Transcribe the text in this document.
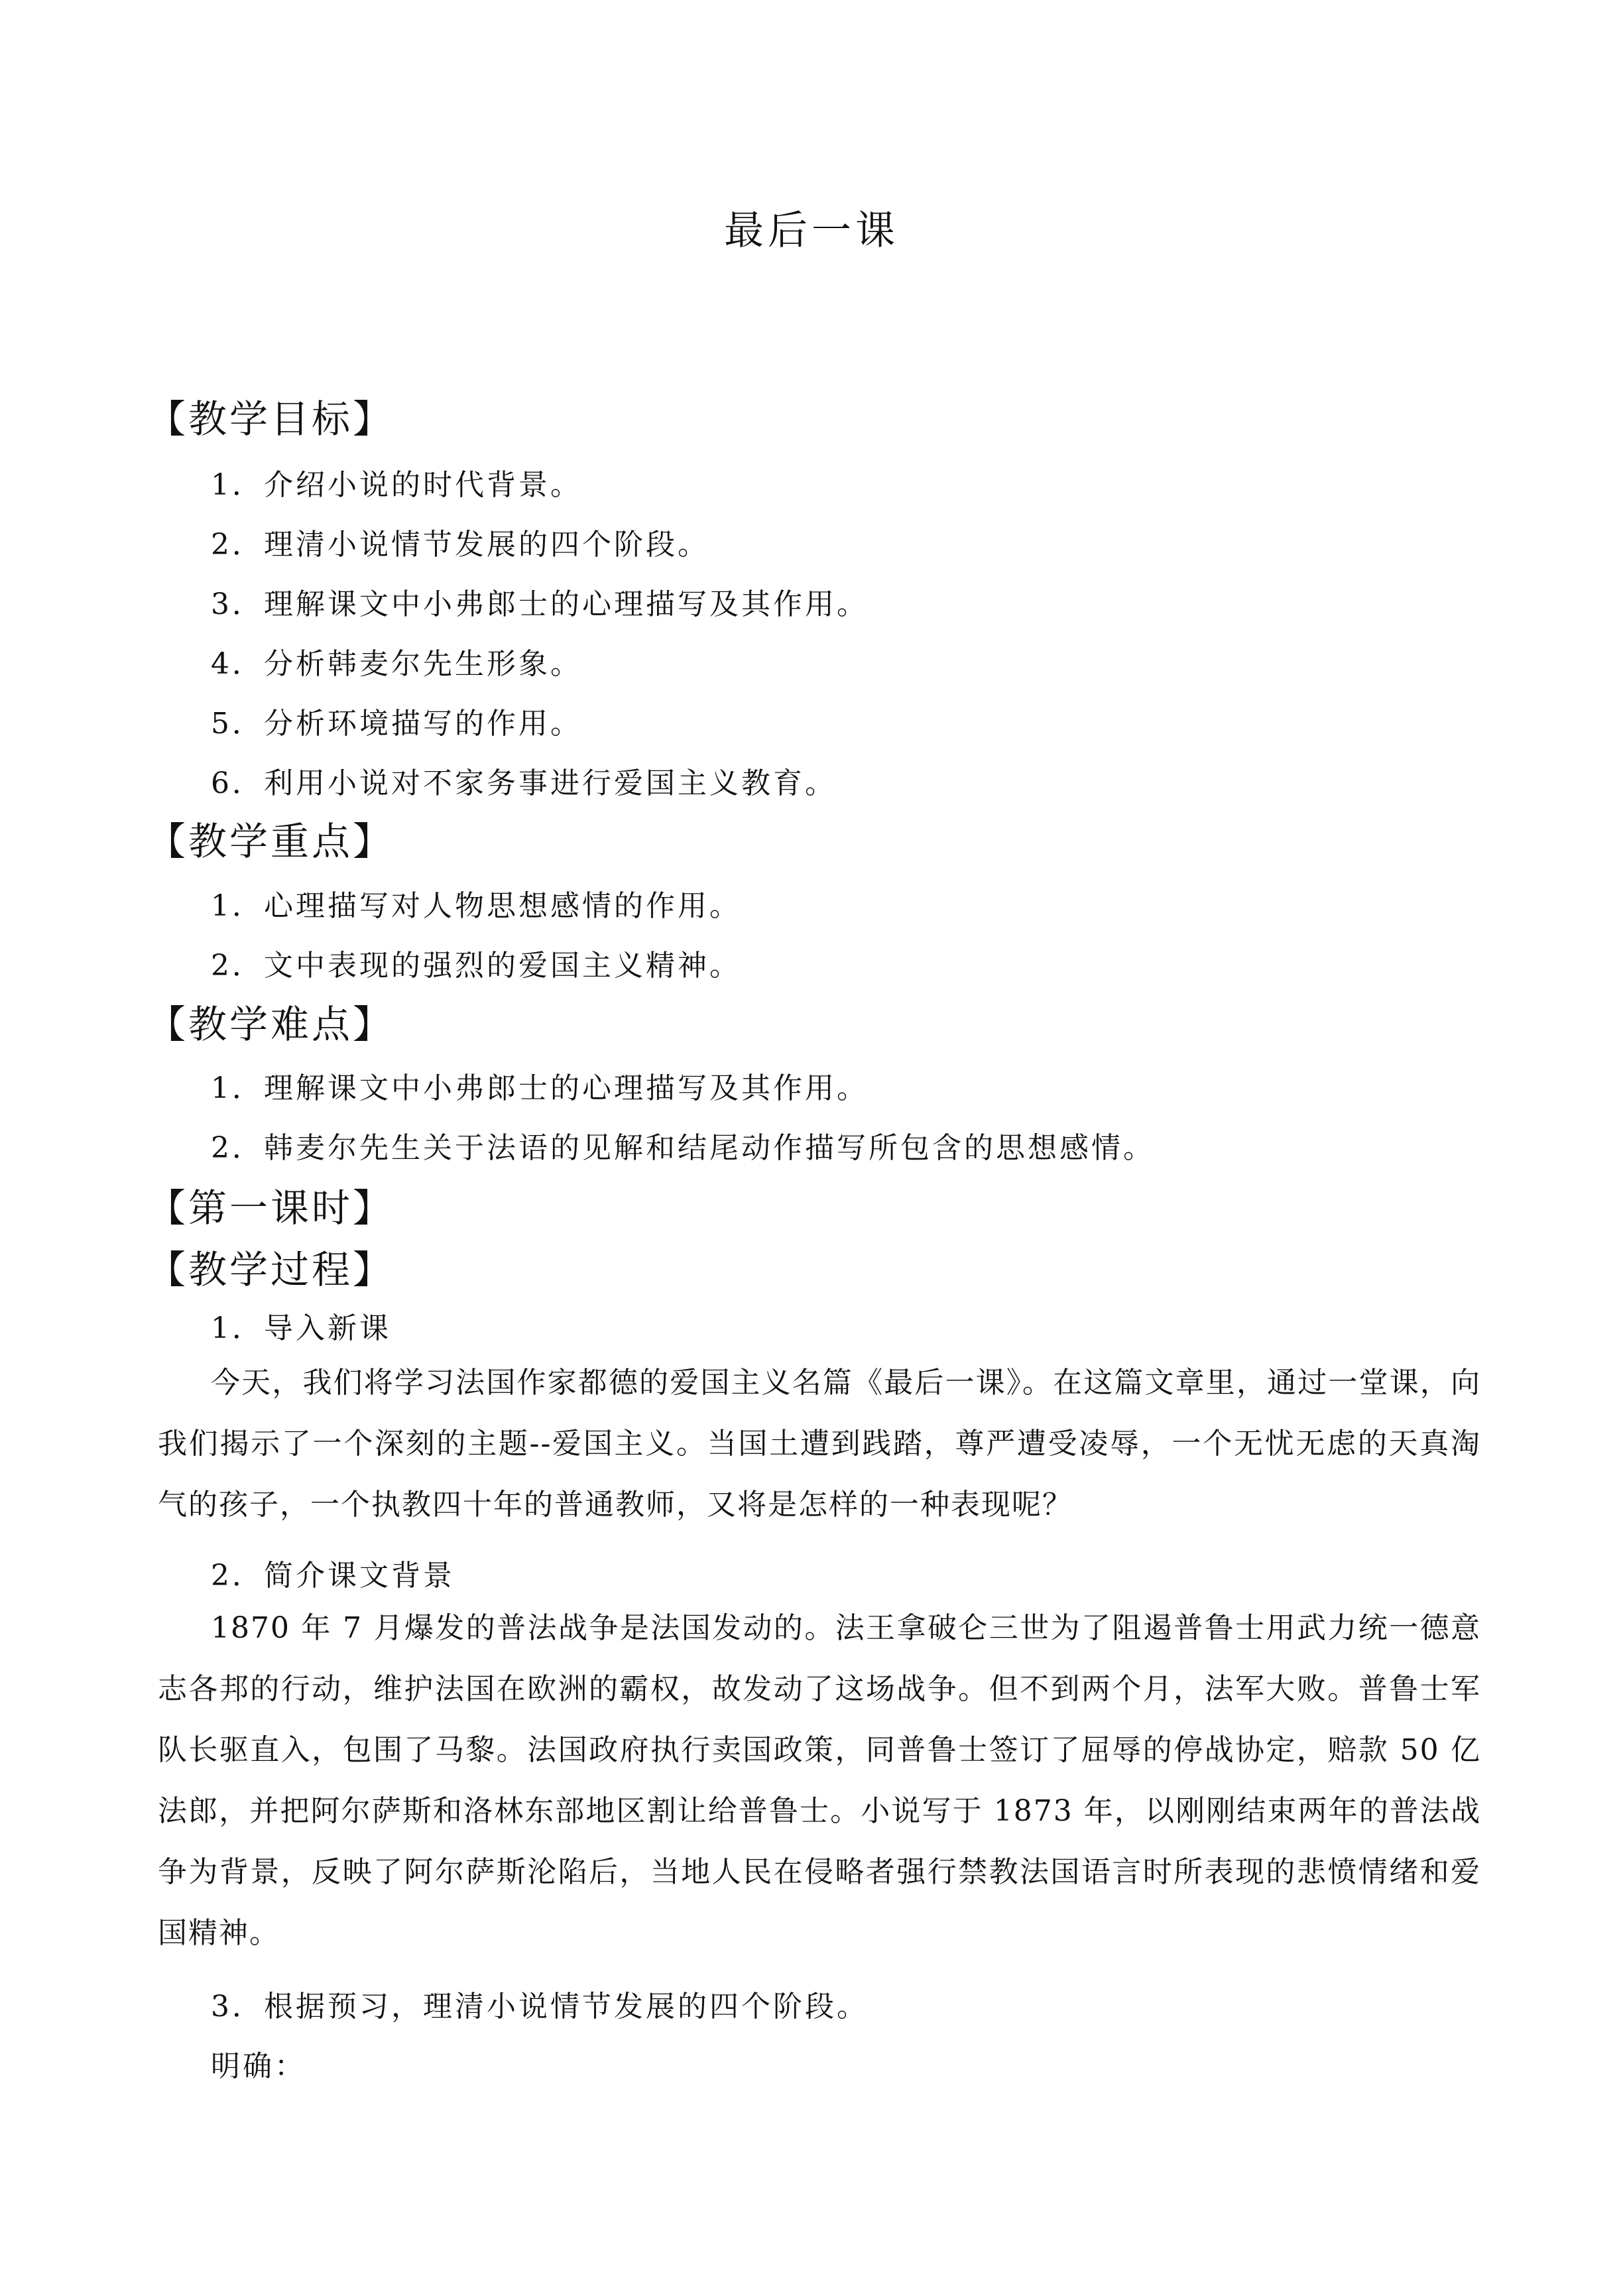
最后一课
【教学目标】
1．介绍小说的时代背景。
2．理清小说情节发展的四个阶段。
3．理解课文中小弗郎士的心理描写及其作用。
4．分析韩麦尔先生形象。
5．分析环境描写的作用。
6．利用小说对不家务事进行爱国主义教育。
【教学重点】
1．心理描写对人物思想感情的作用。
2．文中表现的强烈的爱国主义精神。
【教学难点】
1．理解课文中小弗郎士的心理描写及其作用。
2．韩麦尔先生关于法语的见解和结尾动作描写所包含的思想感情。
【第一课时】
【教学过程】
1．导入新课

今天，我们将学习法国作家都德的爱国主义名篇《最后一课》。在这篇文章里，通过一堂课，向我们揭示了一个深刻的主题--爱国主义。当国土遭到践踏，尊严遭受凌辱，一个无忧无虑的天真淘气的孩子，一个执教四十年的普通教师，又将是怎样的一种表现呢？

2．简介课文背景

1870 年 7 月爆发的普法战争是法国发动的。法王拿破仑三世为了阻遏普鲁士用武力统一德意志各邦的行动，维护法国在欧洲的霸权，故发动了这场战争。但不到两个月，法军大败。普鲁士军队长驱直入，包围了马黎。法国政府执行卖国政策，同普鲁士签订了屈辱的停战协定，赔款 50 亿法郎，并把阿尔萨斯和洛林东部地区割让给普鲁士。小说写于 1873 年，以刚刚结束两年的普法战争为背景，反映了阿尔萨斯沦陷后，当地人民在侵略者强行禁教法国语言时所表现的悲愤情绪和爱国精神。

3．根据预习，理清小说情节发展的四个阶段。
明确：
